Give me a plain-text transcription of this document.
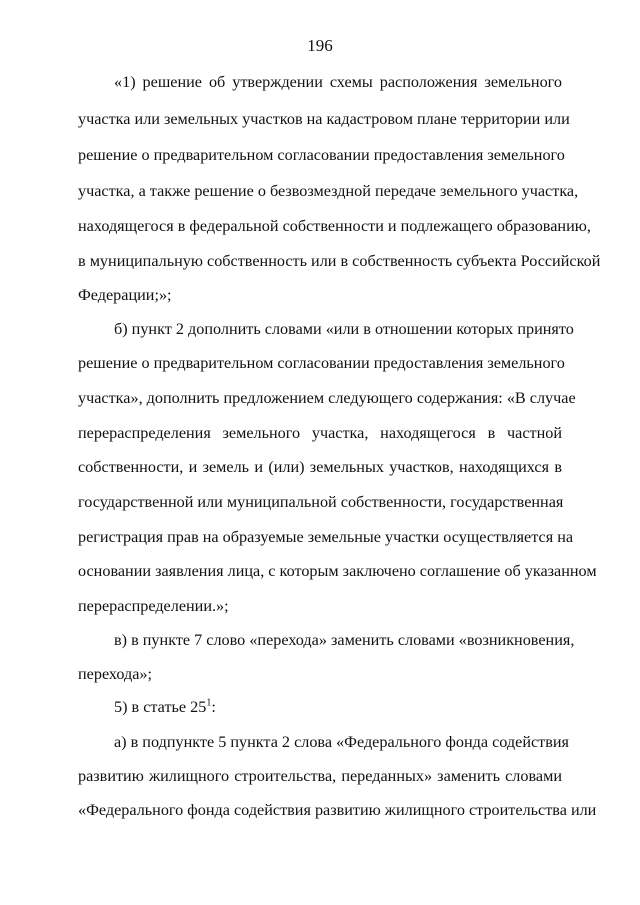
196
«1) решение об утверждении схемы расположения земельного
участка или земельных участков на кадастровом плане территории или
решение о предварительном согласовании предоставления земельного
участка, а также решение о безвозмездной передаче земельного участка,
находящегося в федеральной собственности и подлежащего образованию,
в муниципальную собственность или в собственность субъекта Российской
Федерации;»;
б) пункт 2 дополнить словами «или в отношении которых принято
решение о предварительном согласовании предоставления земельного
участка», дополнить предложением следующего содержания: «В случае
перераспределения земельного участка, находящегося в частной
собственности, и земель и (или) земельных участков, находящихся в
государственной или муниципальной собственности, государственная
регистрация прав на образуемые земельные участки осуществляется на
основании заявления лица, с которым заключено соглашение об указанном
перераспределении.»;
в) в пункте 7 слово «перехода» заменить словами «возникновения,
перехода»;
5) в статье $25^1$:
а) в подпункте 5 пункта 2 слова «Федерального фонда содействия
развитию жилищного строительства, переданных» заменить словами
«Федерального фонда содействия развитию жилищного строительства или
